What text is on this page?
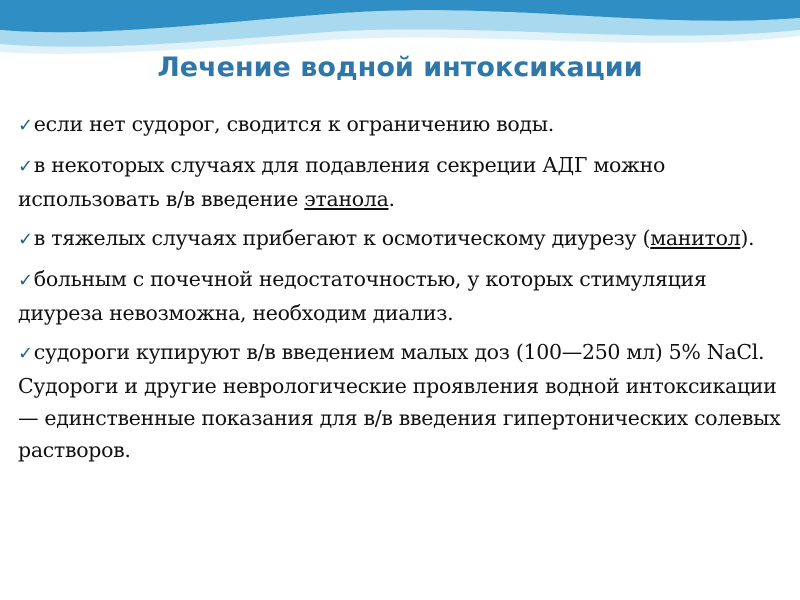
Лечение водной интоксикации
✓если нет судорог, сводится к ограничению воды.
✓в некоторых случаях для подавления секреции АДГ можно использовать в/в введение этанола.
✓в тяжелых случаях прибегают к осмотическому диурезу (манитол).
✓больным с почечной недостаточностью, у которых стимуляция диуреза невозможна, необходим диализ.
✓судороги купируют в/в введением малых доз (100—250 мл) 5% NaCl. Судороги и другие неврологические проявления водной интоксикации — единственные показания для в/в введения гипертонических солевых растворов.
